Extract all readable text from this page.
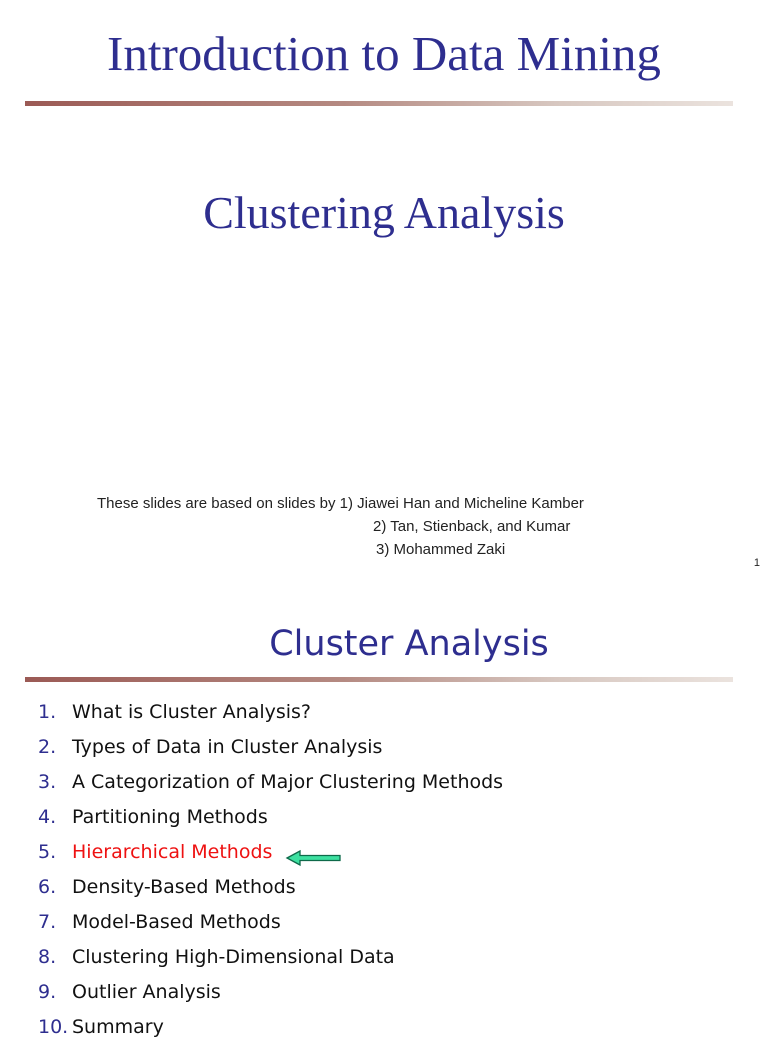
Introduction to Data Mining
Clustering Analysis
These slides are based on slides by 1) Jiawei Han and Micheline Kamber
2) Tan, Stienback, and Kumar
3) Mohammed Zaki
1
Cluster Analysis
1. What is Cluster Analysis?
2. Types of Data in Cluster Analysis
3. A Categorization of Major Clustering Methods
4. Partitioning Methods
5. Hierarchical Methods
6. Density-Based Methods
7. Model-Based Methods
8. Clustering High-Dimensional Data
9. Outlier Analysis
10. Summary
